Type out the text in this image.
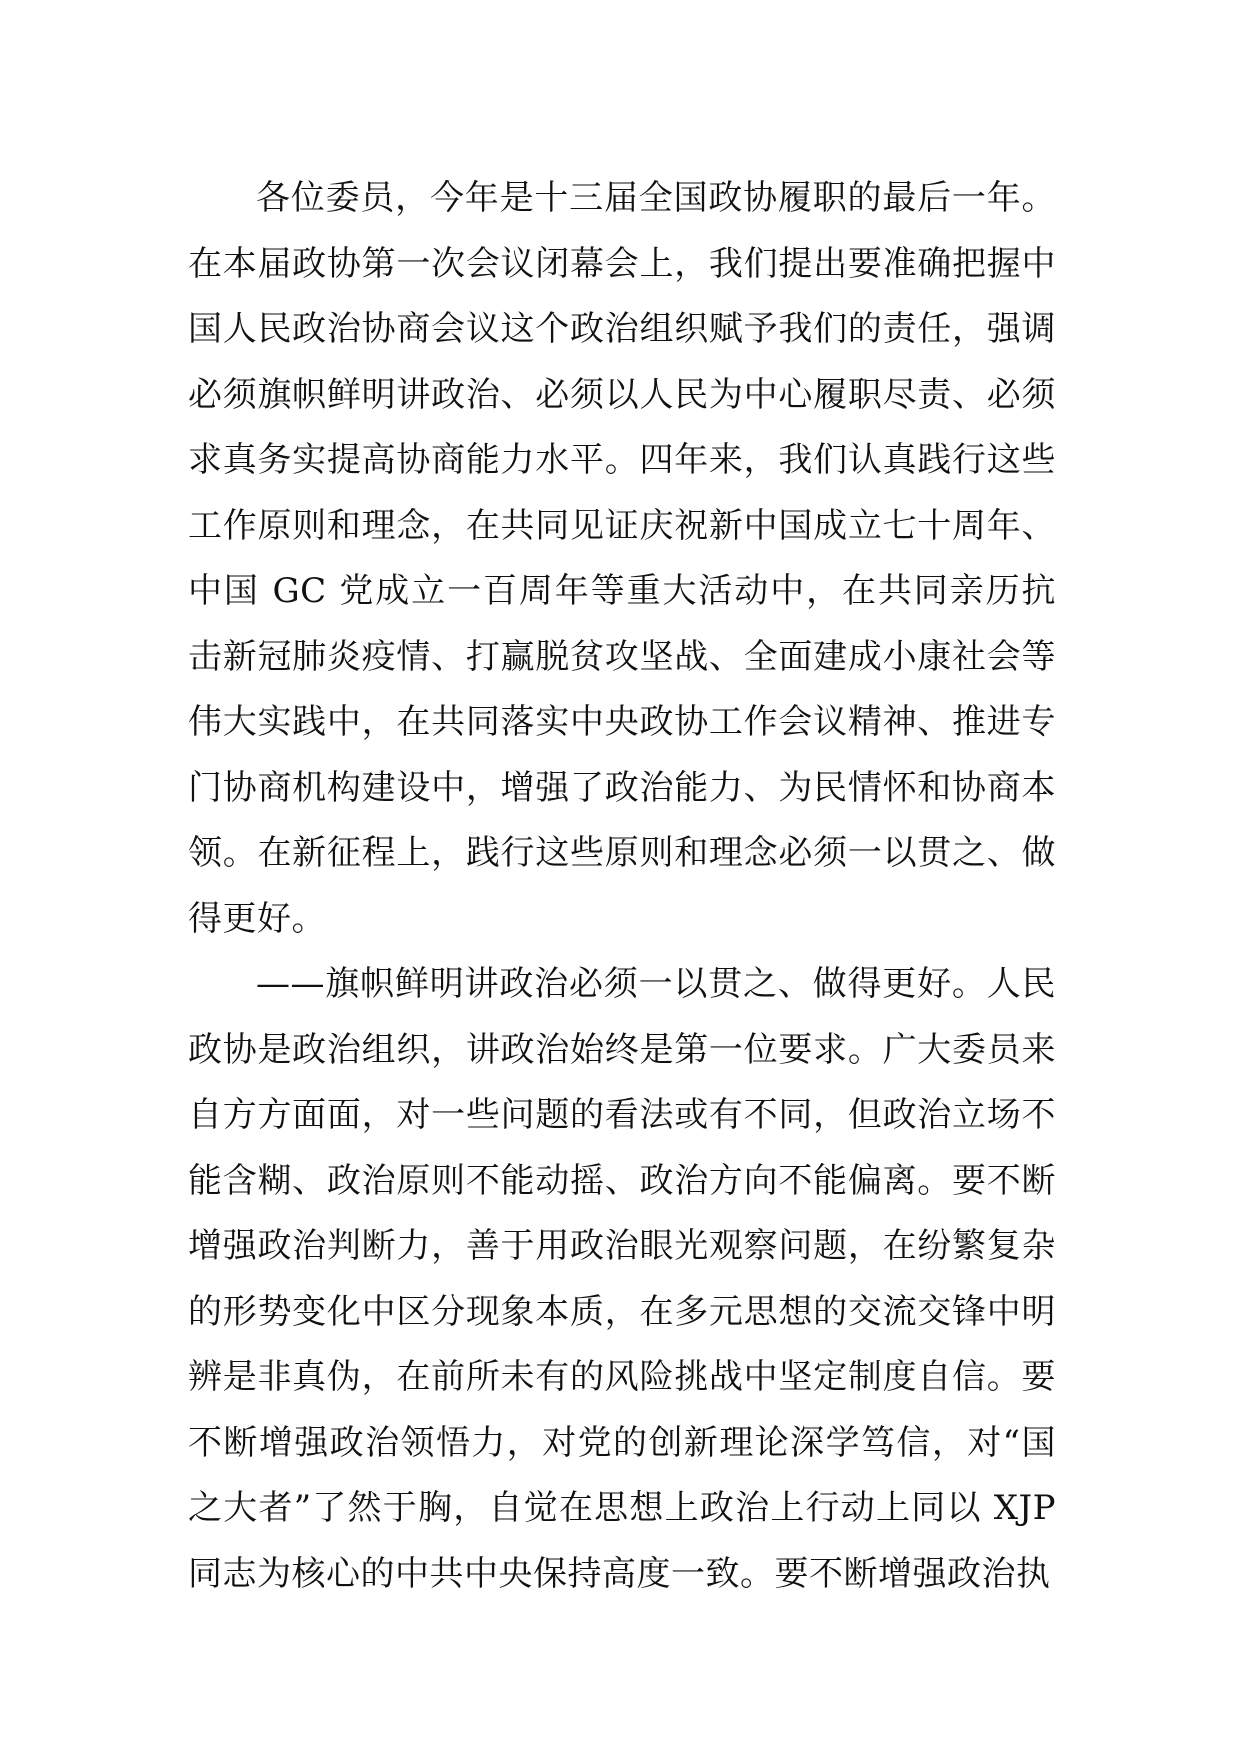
各位委员，今年是十三届全国政协履职的最后一年。在本届政协第一次会议闭幕会上，我们提出要准确把握中国人民政治协商会议这个政治组织赋予我们的责任，强调必须旗帜鲜明讲政治、必须以人民为中心履职尽责、必须求真务实提高协商能力水平。四年来，我们认真践行这些工作原则和理念，在共同见证庆祝新中国成立七十周年、中国 GC 党成立一百周年等重大活动中，在共同亲历抗击新冠肺炎疫情、打赢脱贫攻坚战、全面建成小康社会等伟大实践中，在共同落实中央政协工作会议精神、推进专门协商机构建设中，增强了政治能力、为民情怀和协商本领。在新征程上，践行这些原则和理念必须一以贯之、做得更好。

——旗帜鲜明讲政治必须一以贯之、做得更好。人民政协是政治组织，讲政治始终是第一位要求。广大委员来自方方面面，对一些问题的看法或有不同，但政治立场不能含糊、政治原则不能动摇、政治方向不能偏离。要不断增强政治判断力，善于用政治眼光观察问题，在纷繁复杂的形势变化中区分现象本质，在多元思想的交流交锋中明辨是非真伪，在前所未有的风险挑战中坚定制度自信。要不断增强政治领悟力，对党的创新理论深学笃信，对“国之大者”了然于胸，自觉在思想上政治上行动上同以 XJP 同志为核心的中共中央保持高度一致。要不断增强政治执
